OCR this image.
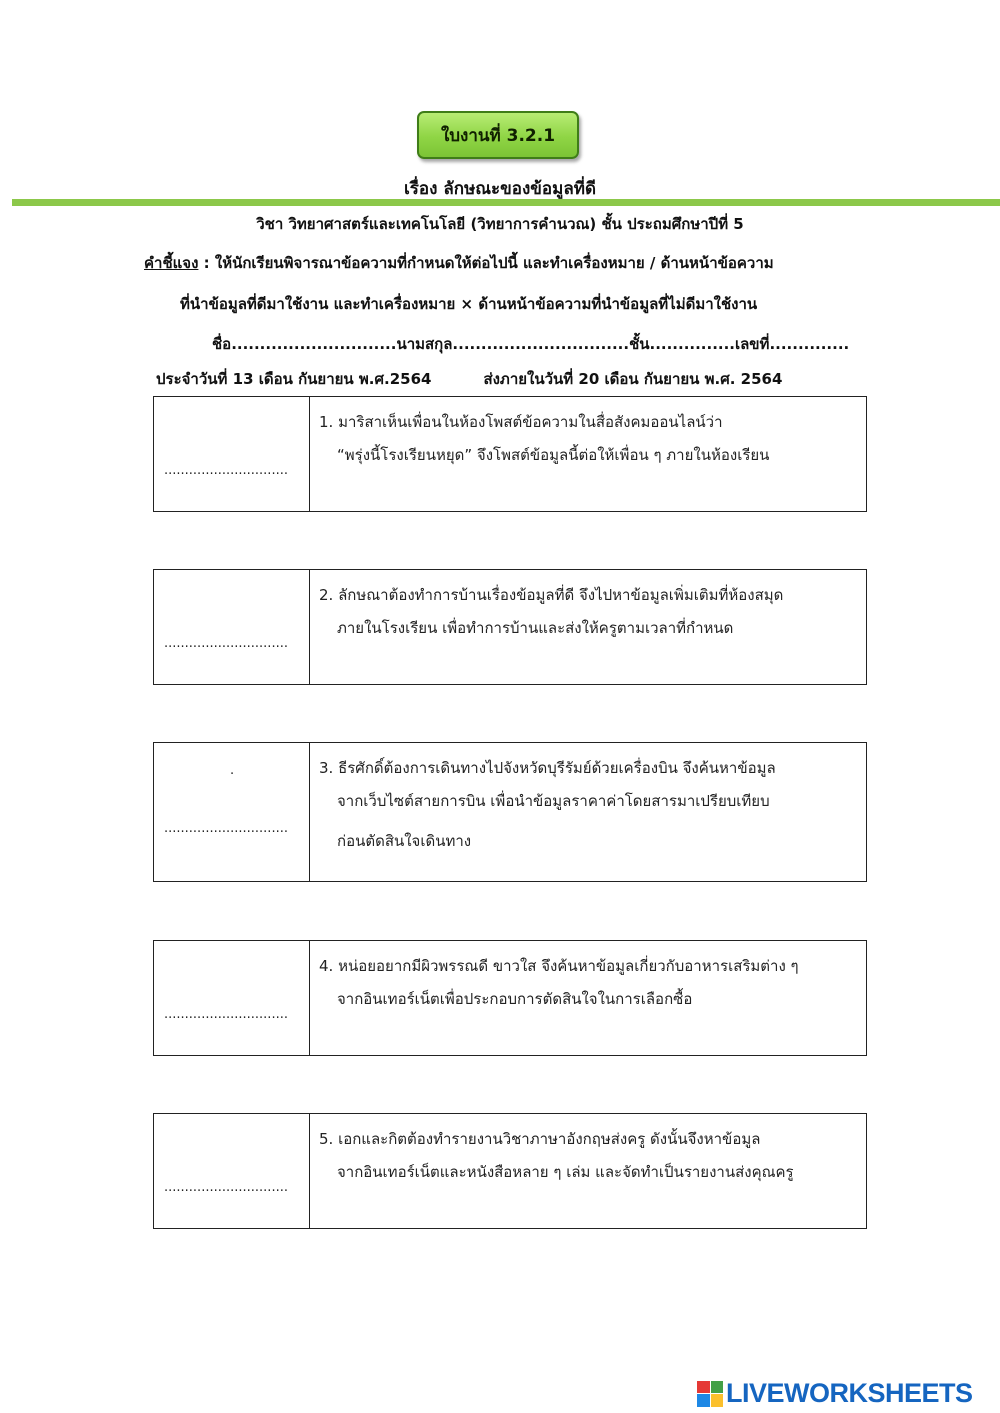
ใบงานที่ 3.2.1
เรื่อง ลักษณะของข้อมูลที่ดี
วิชา วิทยาศาสตร์และเทคโนโลยี (วิทยาการคำนวณ) ชั้น ประถมศึกษาปีที่ 5
คำชี้แจง : ให้นักเรียนพิจารณาข้อความที่กำหนดให้ต่อไปนี้ และทำเครื่องหมาย / ด้านหน้าข้อความ
ที่นำข้อมูลที่ดีมาใช้งาน และทำเครื่องหมาย × ด้านหน้าข้อความที่นำข้อมูลที่ไม่ดีมาใช้งาน
ชื่อ.............................นามสกุล...............................ชั้น...............เลขที่..............
ประจำวันที่ 13 เดือน กันยายน พ.ศ.2564	ส่งภายในวันที่ 20 เดือน กันยายน พ.ศ. 2564
..............................
1. มาริสาเห็นเพื่อนในห้องโพสต์ข้อความในสื่อสังคมออนไลน์ว่า
“พรุ่งนี้โรงเรียนหยุด” จึงโพสต์ข้อมูลนี้ต่อให้เพื่อน ๆ ภายในห้องเรียน
..............................
2. ลักษณาต้องทำการบ้านเรื่องข้อมูลที่ดี จึงไปหาข้อมูลเพิ่มเติมที่ห้องสมุด
ภายในโรงเรียน เพื่อทำการบ้านและส่งให้ครูตามเวลาที่กำหนด
.
..............................
3. ธีรศักดิ์ต้องการเดินทางไปจังหวัดบุรีรัมย์ด้วยเครื่องบิน จึงค้นหาข้อมูล
จากเว็บไซต์สายการบิน เพื่อนำข้อมูลราคาค่าโดยสารมาเปรียบเทียบ
ก่อนตัดสินใจเดินทาง
..............................
4. หน่อยอยากมีผิวพรรณดี ขาวใส จึงค้นหาข้อมูลเกี่ยวกับอาหารเสริมต่าง ๆ
จากอินเทอร์เน็ตเพื่อประกอบการตัดสินใจในการเลือกซื้อ
..............................
5. เอกและกิตต้องทำรายงานวิชาภาษาอังกฤษส่งครู ดังนั้นจึงหาข้อมูล
จากอินเทอร์เน็ตและหนังสือหลาย ๆ เล่ม และจัดทำเป็นรายงานส่งคุณครู
LIVEWORKSHEETS
